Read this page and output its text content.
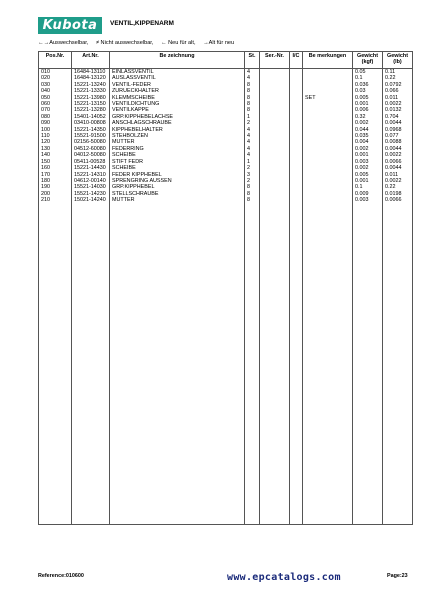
Kubota	VENTIL,KIPPENARM
←→Auswechselbar, ≠ Nicht auswechselbar, ← Neu für alt, →Alt für neu
Pos.Nr.	Art.Nr.	Be zeichnung	St.	Ser.-Nr.	I/C	Be merkungen	Gewicht (kgf)	Gewicht (lb)
010	16484-13110	EINLASSVENTIL	4				0.05	0.11
020	16484-13120	AUSLASSVENTIL	4				0.1	0.22
030	15221-13240	VENTIL-FEDER	8				0.036	0.0792
040	15221-13330	ZURUECKHALTER	8				0.03	0.066
050	15221-13980	KLEMMSCHEIBE	8			SET	0.005	0.011
060	15221-13150	VENTILDICHTUNG	8				0.001	0.0022
070	15221-13280	VENTILKAPPE	8				0.006	0.0132
080	15401-14052	GRP.KIPPHEBELACHSE	1				0.32	0.704
090	03410-00808	ANSCHLAGSCHRAUBE	2				0.002	0.0044
100	15221-14350	KIPPHEBELHALTER	4				0.044	0.0968
110	15521-91500	STEHBOLZEN	4				0.035	0.077
120	02156-50080	MUTTER	4				0.004	0.0088
130	04512-60080	FEDERRING	4				0.002	0.0044
140	04012-50080	SCHEIBE	4				0.001	0.0022
150	05411-00528	STIFT FEDR	1				0.003	0.0066
160	15221-14430	SCHEIBE	2				0.002	0.0044
170	15221-14310	FEDER KIPPHEBEL	3				0.005	0.011
180	04612-00140	SPRENGRING AUSSEN	2				0.001	0.0022
190	15521-14030	GRP.KIPPHEBEL	8				0.1	0.22
200	15521-14230	STELLSCHRAUBE	8				0.009	0.0198
210	15021-14240	MUTTER	8				0.003	0.0066

Reference:010600	www.epcatalogs.com	Page:23
